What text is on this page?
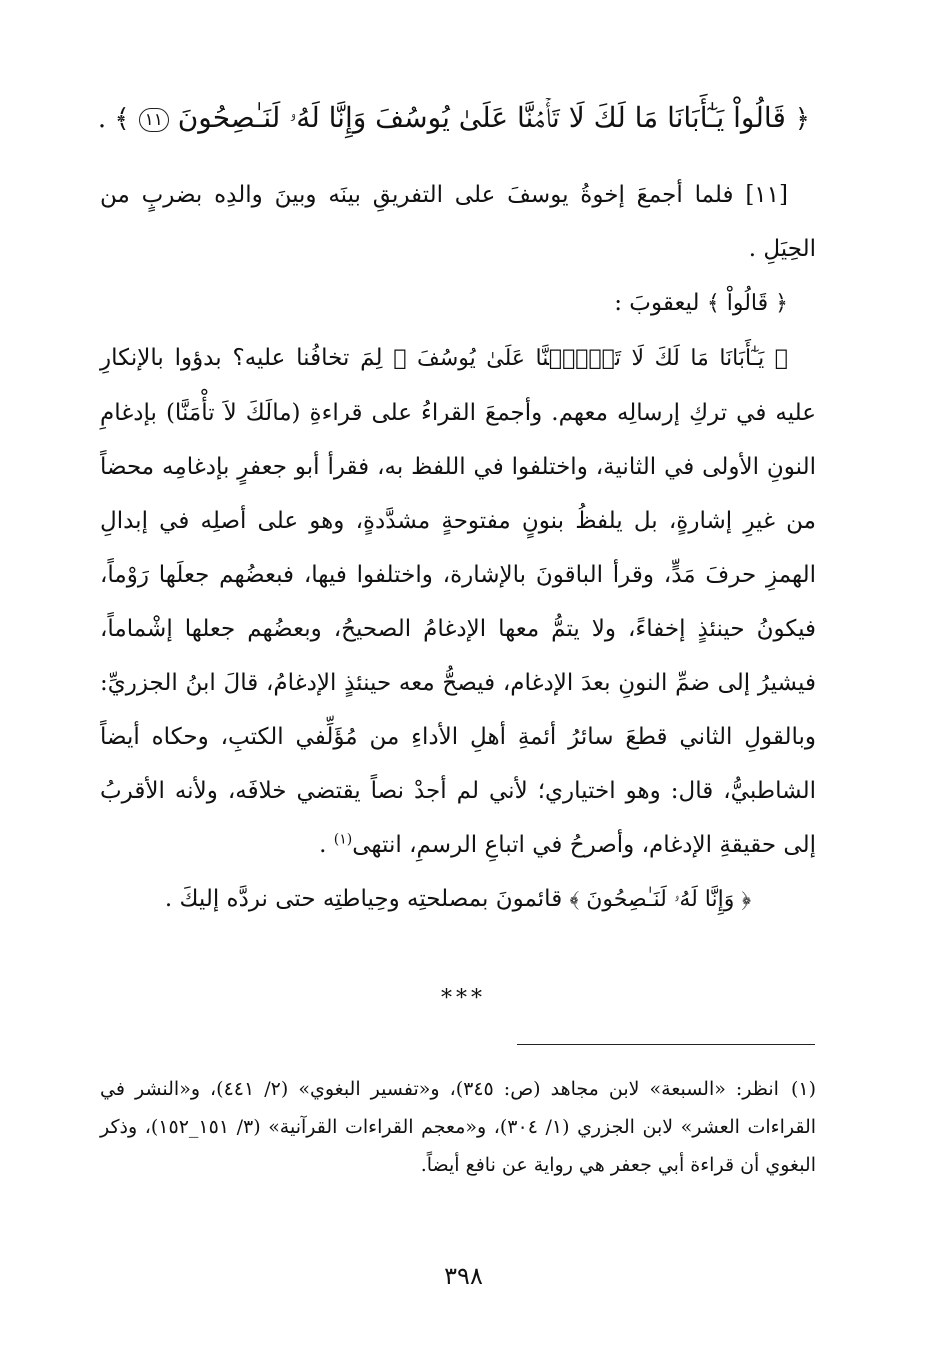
﴿ قَالُواْ يَـٰٓأَبَانَا مَا لَكَ لَا تَأۡمَ۬نَّا عَلَىٰ يُوسُفَ وَإِنَّا لَهُۥ لَنَـٰصِحُونَ ١١ ﴾ .

[١١] فلما أجمعَ إخوةُ يوسفَ على التفريقِ بينَه وبينَ والدِه بضربٍ من الحِيَلِ .

﴿ قَالُواْ ﴾ ليعقوبَ :

﴿ يَـٰٓأَبَانَا مَا لَكَ لَا تَأۡمَ۬نَّا عَلَىٰ يُوسُفَ ﴾ لِمَ تخافُنا عليه؟ بدؤوا بالإنكارِ عليه في تركِ إرسالِه معهم. وأجمعَ القراءُ على قراءةِ (مالَكَ لاَ تأْمَنَّا) بإدغامِ النونِ الأولى في الثانية، واختلفوا في اللفظ به، فقرأ أبو جعفرٍ بإدغامِه محضاً من غيرِ إشارةٍ، بل يلفظُ بنونٍ مفتوحةٍ مشدَّدةٍ، وهو على أصلِه في إبدالِ الهمزِ حرفَ مَدٍّ، وقرأ الباقونَ بالإشارة، واختلفوا فيها، فبعضُهم جعلَها رَوْماً، فيكونُ حينئذٍ إخفاءً، ولا يتمُّ معها الإدغامُ الصحيحُ، وبعضُهم جعلها إشْماماً، فيشيرُ إلى ضمِّ النونِ بعدَ الإدغام، فيصحُّ معه حينئذٍ الإدغامُ، قالَ ابنُ الجزريِّ: وبالقولِ الثاني قطعَ سائرُ أئمةِ أهلِ الأداءِ من مُؤَلِّفي الكتبِ، وحكاه أيضاً الشاطبيُّ، قال: وهو اختياري؛ لأني لم أجدْ نصاً يقتضي خلافَه، ولأنه الأقربُ إلى حقيقةِ الإدغام، وأصرحُ في اتباعِ الرسمِ، انتهى$^{(١)}$ .

﴿ وَإِنَّا لَهُۥ لَنَـٰصِحُونَ ﴾ قائمونَ بمصلحتِه وحِياطتِه حتى نردَّه إليكَ .

***

(١)انظر: «السبعة» لابن مجاهد (ص: ٣٤٥)، و«تفسير البغوي» (٢/ ٤٤١)، و«النشر في القراءات العشر» لابن الجزري (١/ ٣٠٤)، و«معجم القراءات القرآنية» (٣/ ١٥١_١٥٢)، وذكر البغوي أن قراءة أبي جعفر هي رواية عن نافع أيضاً.

٣٩٨
